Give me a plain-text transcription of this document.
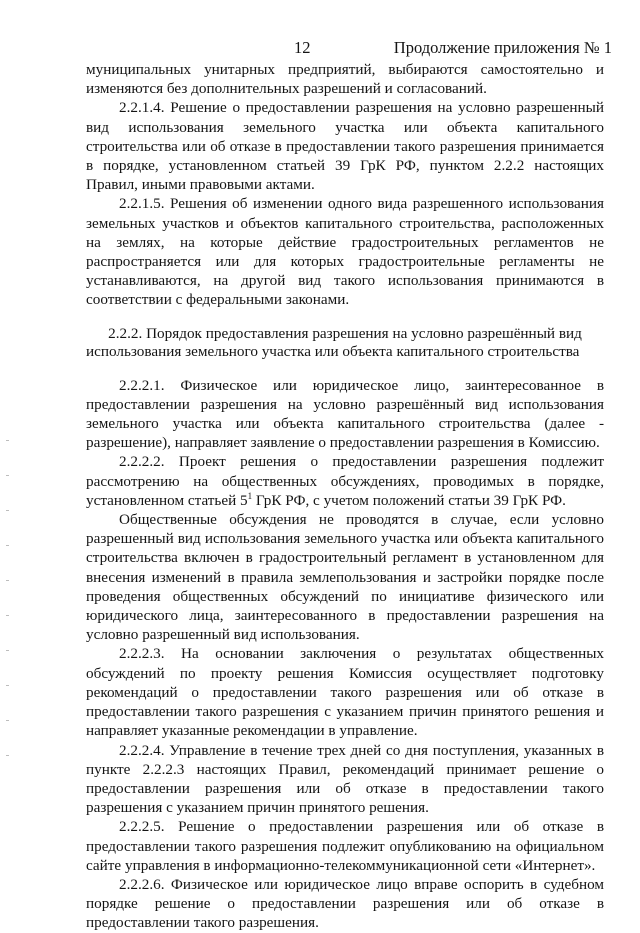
12	Продолжение приложения № 1

муниципальных унитарных предприятий, выбираются самостоятельно и изменяются без дополнительных разрешений и согласований.

2.2.1.4. Решение о предоставлении разрешения на условно разрешенный вид использования земельного участка или объекта капитального строительства или об отказе в предоставлении такого разрешения принимается в порядке, установленном статьей 39 ГрК РФ, пунктом 2.2.2 настоящих Правил, иными правовыми актами.

2.2.1.5. Решения об изменении одного вида разрешенного использования земельных участков и объектов капитального строительства, расположенных на землях, на которые действие градостроительных регламентов не распространяется или для которых градостроительные регламенты не устанавливаются, на другой вид такого использования принимаются в соответствии с федеральными законами.

2.2.2. Порядок предоставления разрешения на условно разрешённый вид использования земельного участка или объекта капитального строительства

2.2.2.1. Физическое или юридическое лицо, заинтересованное в предоставлении разрешения на условно разрешённый вид использования земельного участка или объекта капитального строительства (далее - разрешение), направляет заявление о предоставлении разрешения в Комиссию.

2.2.2.2. Проект решения о предоставлении разрешения подлежит рассмотрению на общественных обсуждениях, проводимых в порядке, установленном статьей $5^1$ ГрК РФ, с учетом положений статьи 39 ГрК РФ.

Общественные обсуждения не проводятся в случае, если условно разрешенный вид использования земельного участка или объекта капитального строительства включен в градостроительный регламент в установленном для внесения изменений в правила землепользования и застройки порядке после проведения общественных обсуждений по инициативе физического или юридического лица, заинтересованного в предоставлении разрешения на условно разрешенный вид использования.

2.2.2.3. На основании заключения о результатах общественных обсуждений по проекту решения Комиссия осуществляет подготовку рекомендаций о предоставлении такого разрешения или об отказе в предоставлении такого разрешения с указанием причин принятого решения и направляет указанные рекомендации в управление.

2.2.2.4. Управление в течение трех дней со дня поступления, указанных в пункте 2.2.2.3 настоящих Правил, рекомендаций принимает решение о предоставлении разрешения или об отказе в предоставлении такого разрешения с указанием причин принятого решения.

2.2.2.5. Решение о предоставлении разрешения или об отказе в предоставлении такого разрешения подлежит опубликованию на официальном сайте управления в информационно-телекоммуникационной сети «Интернет».

2.2.2.6. Физическое или юридическое лицо вправе оспорить в судебном порядке решение о предоставлении разрешения или об отказе в предоставлении такого разрешения.
